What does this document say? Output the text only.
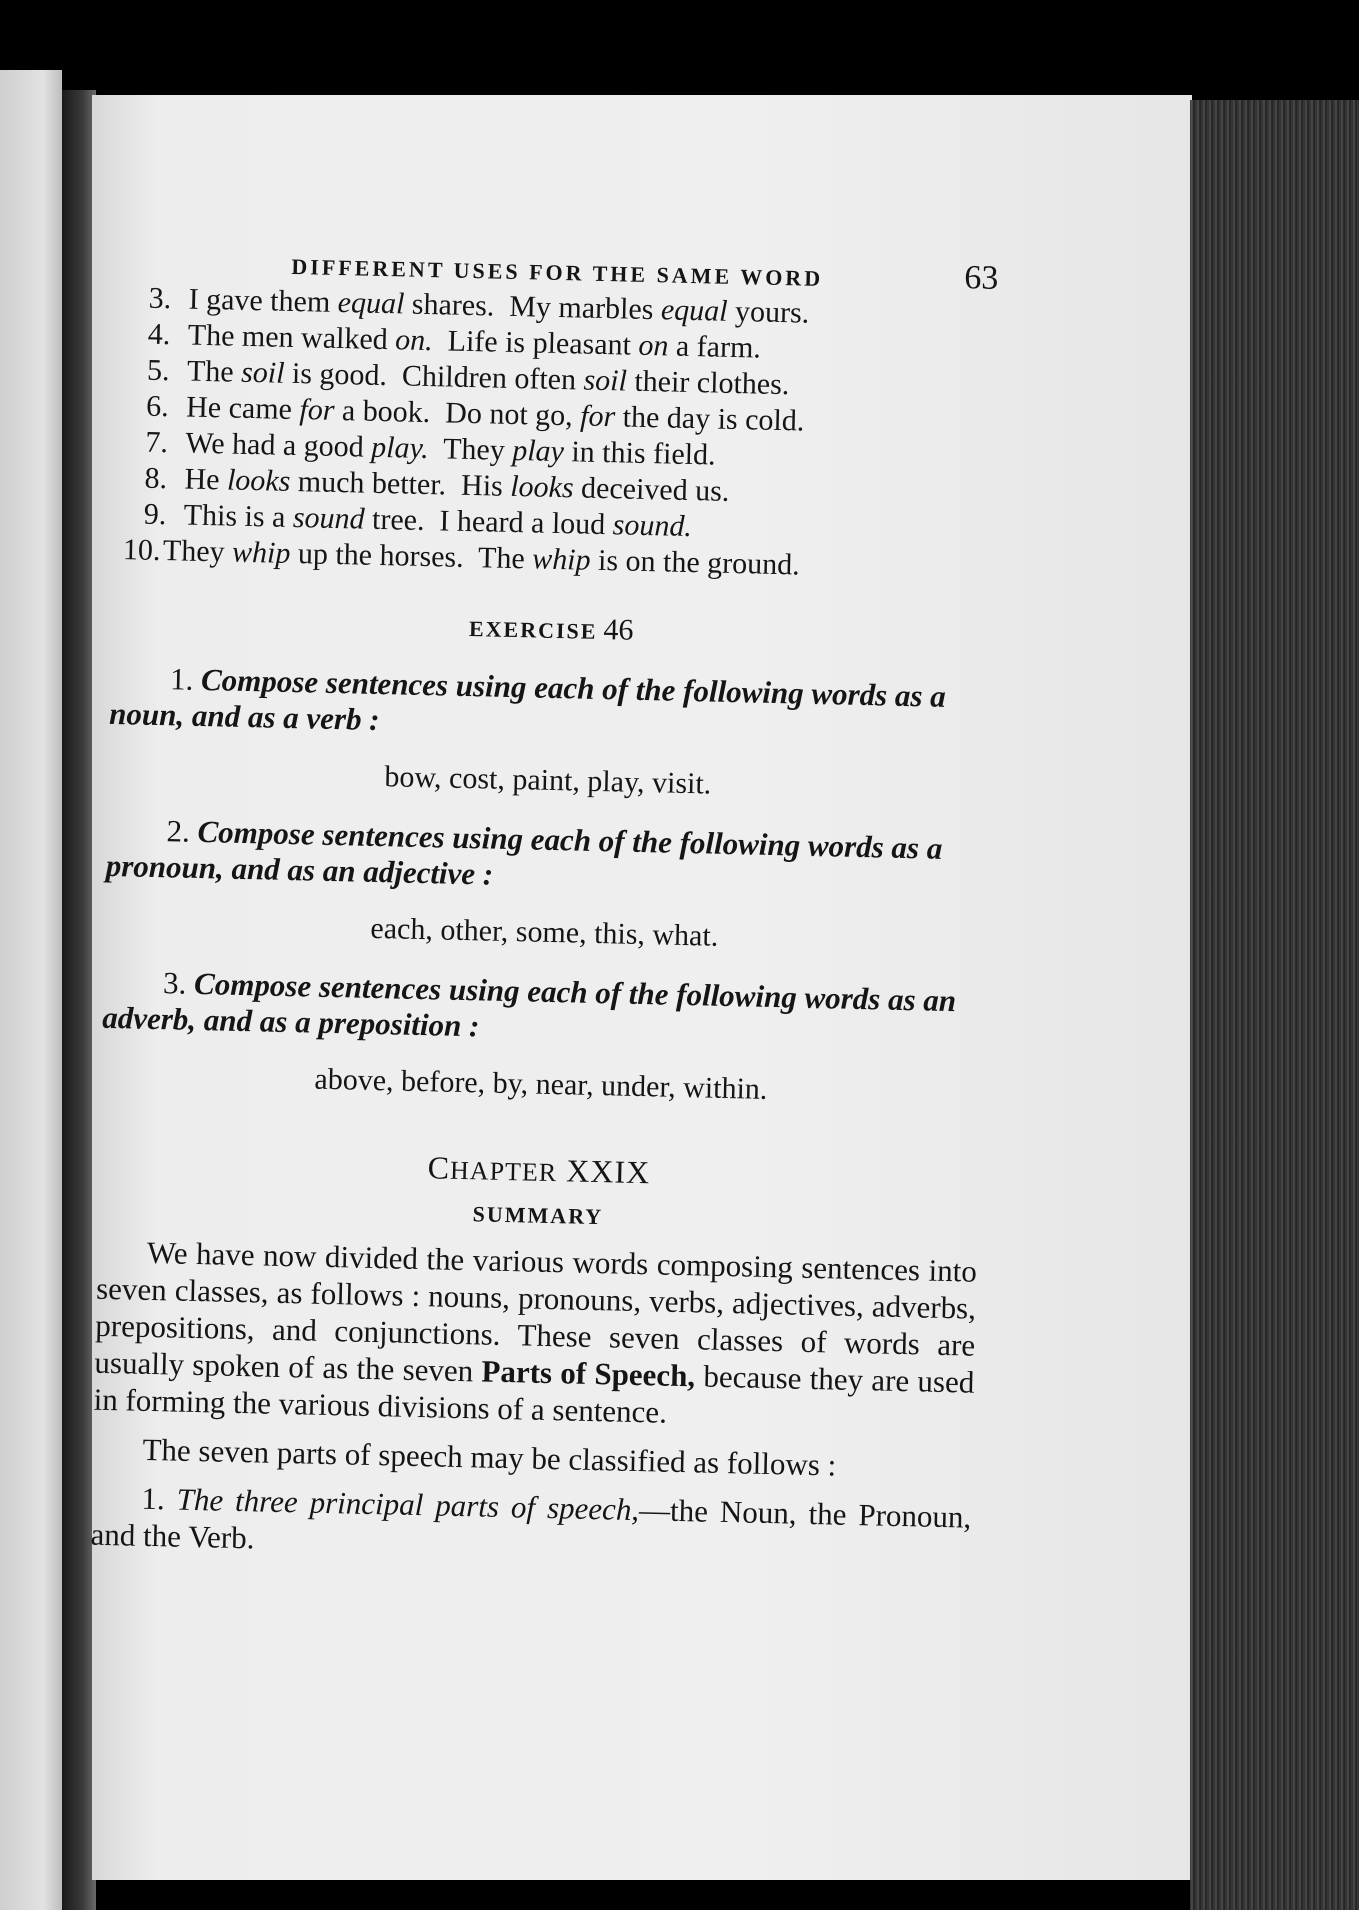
DIFFERENT USES FOR THE SAME WORD	63
3. I gave them equal shares.  My marbles equal yours.
4. The men walked on.  Life is pleasant on a farm.
5. The soil is good.  Children often soil their clothes.
6. He came for a book.  Do not go, for the day is cold.
7. We had a good play.  They play in this field.
8. He looks much better.  His looks deceived us.
9. This is a sound tree.  I heard a loud sound.
10.They whip up the horses.  The whip is on the ground.
EXERCISE 46

1. Compose sentences using each of the following words as a noun, and as a verb :

bow, cost, paint, play, visit.

2. Compose sentences using each of the following words as a pronoun, and as an adjective :

each, other, some, this, what.

3. Compose sentences using each of the following words as an adverb, and as a preposition :

above, before, by, near, under, within.
CHAPTER XXIX
SUMMARY

We have now divided the various words composing sentences into seven classes, as follows : nouns, pronouns, verbs, adjectives, adverbs, prepositions, and conjunctions. These seven classes of words are usually spoken of as the seven Parts of Speech, because they are used in forming the various divisions of a sentence.

The seven parts of speech may be classified as follows :

1. The three principal parts of speech,—the Noun, the Pronoun, and the Verb.
